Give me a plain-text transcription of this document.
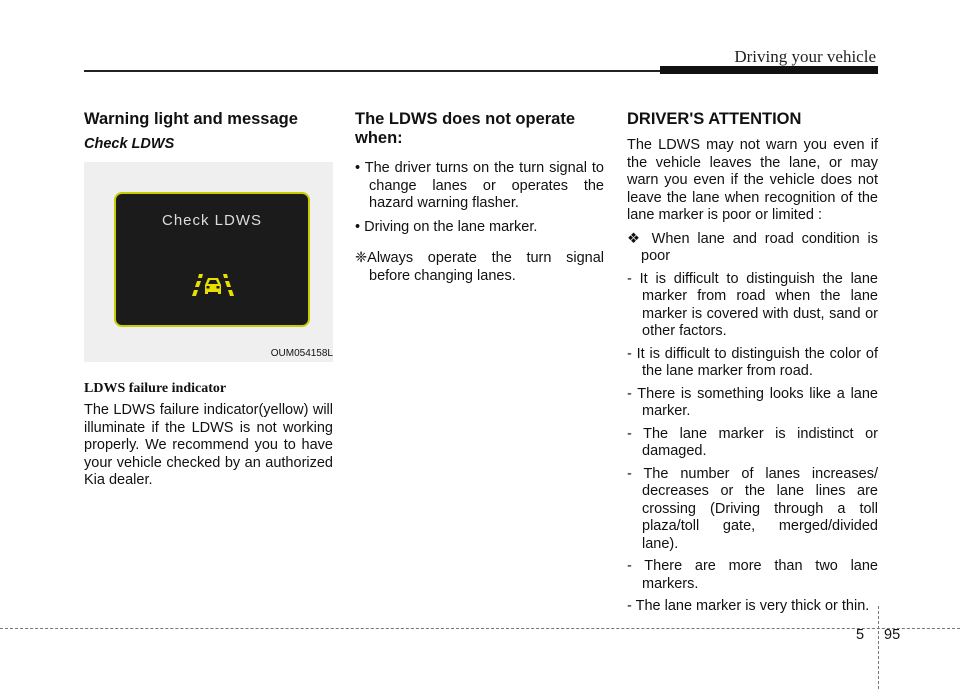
Driving your vehicle
Warning light and message
Check LDWS
Check LDWS
OUM054158L
LDWS failure indicator

The LDWS failure indicator(yellow) will illuminate if the LDWS is not working properly. We recommend you to have your vehicle checked by an authorized Kia dealer.

The LDWS does not operate when:

• The driver turns on the turn signal to change lanes or operates the hazard warning flasher.

• Driving on the lane marker.

❈Always operate the turn signal before changing lanes.

DRIVER'S ATTENTION

The LDWS may not warn you even if the vehicle leaves the lane, or may warn you even if the vehicle does not leave the lane when recognition of the lane marker is poor or limited :

❖ When lane and road condition is poor

- It is difficult to distinguish the lane marker from road when the lane marker is covered with dust, sand or other factors.

- It is difficult to distinguish the color of the lane marker from road.

- There is something looks like a lane marker.

- The lane marker is indistinct or damaged.

- The number of lanes increases/ decreases or the lane lines are crossing (Driving through a toll plaza/toll gate, merged/divided lane).

- There are more than two lane markers.

- The lane marker is very thick or thin.

5 95
